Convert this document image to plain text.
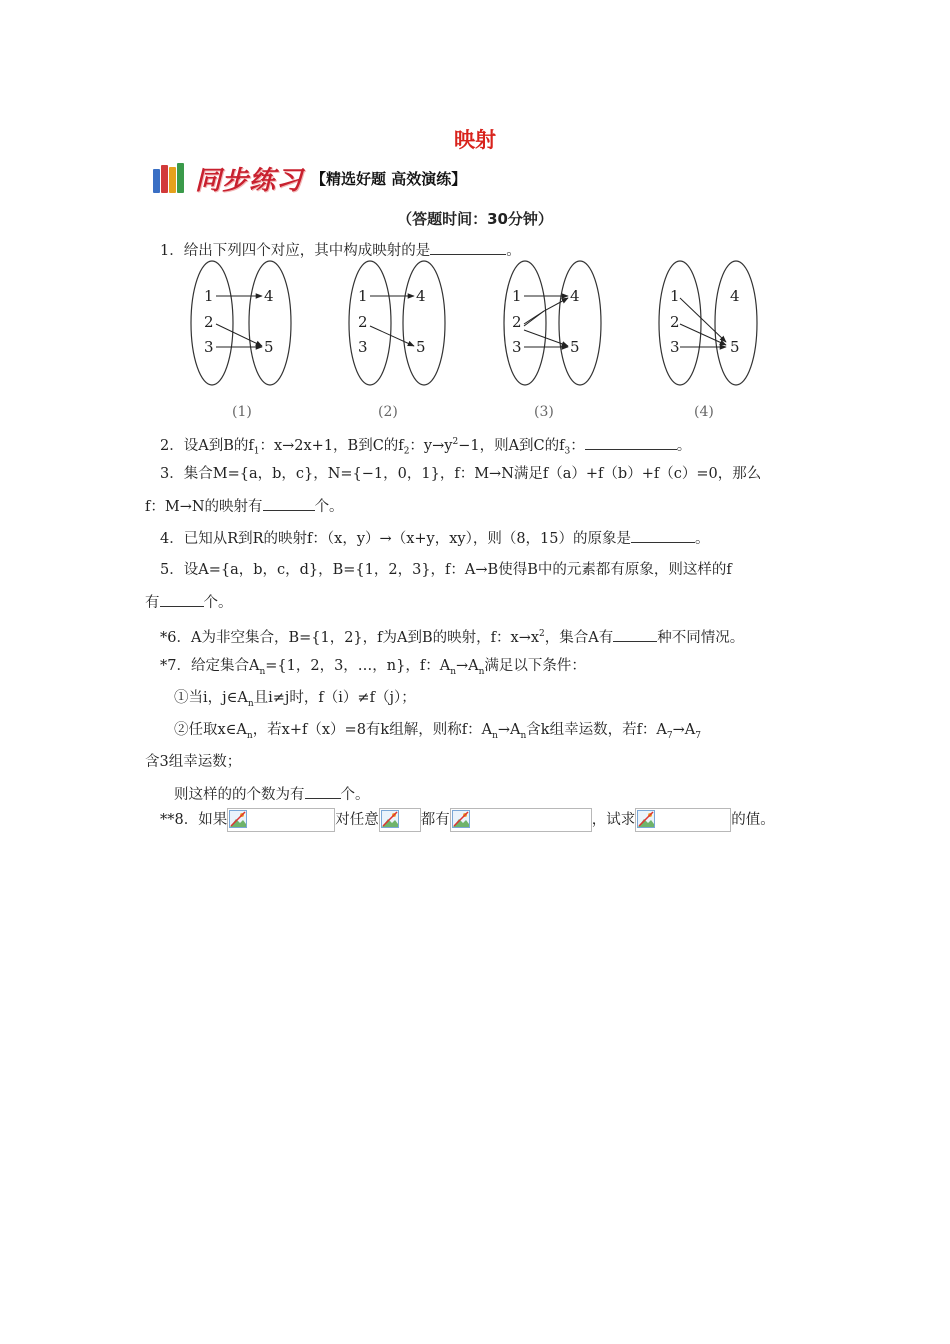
映射
同步练习 【精选好题 高效演练】
（答题时间：30分钟）
1．给出下列四个对应，其中构成映射的是	。
1
2
3
4
5
(1)
1
2
3
4
5
(2)
1
2
3
4
5
(3)
1
2
3
4
5
(4)
2．设A到B的$f_1$：x→2x+1，B到C的$f_2$：$y\to y^2-1$，则A到C的$f_3$：	。
3．集合M={a，b，c}，N={−1，0，1}，f：M→N满足f（a）+f（b）+f（c）=0，那么
f：M→N的映射有	个。
4．已知从R到R的映射f：（x，y）→（x+y，xy），则（8，15）的原象是	。
5．设A={a，b，c，d}，B={1，2，3}，f：A→B使得B中的元素都有原象，则这样的f
有	个。
*6．A为非空集合，B={1，2}，f为A到B的映射，f：$x\to x^2$，集合A有	种不同情况。
*7．给定集合$A_n=\{1$，2，3，…，n}，f：$A_n\to A_n$满足以下条件：
①当i，$j\in A_n$且i≠j时，f（i）≠f（j）；
②任取$x\in A_n$，若x+f（x）=8有k组解，则称f：$A_n\to A_n$含k组幸运数，若f：$A_7\to A_7$
含3组幸运数；
则这样的的个数为有 个。
**8．如果	对任意	都有	，试求	的值。
